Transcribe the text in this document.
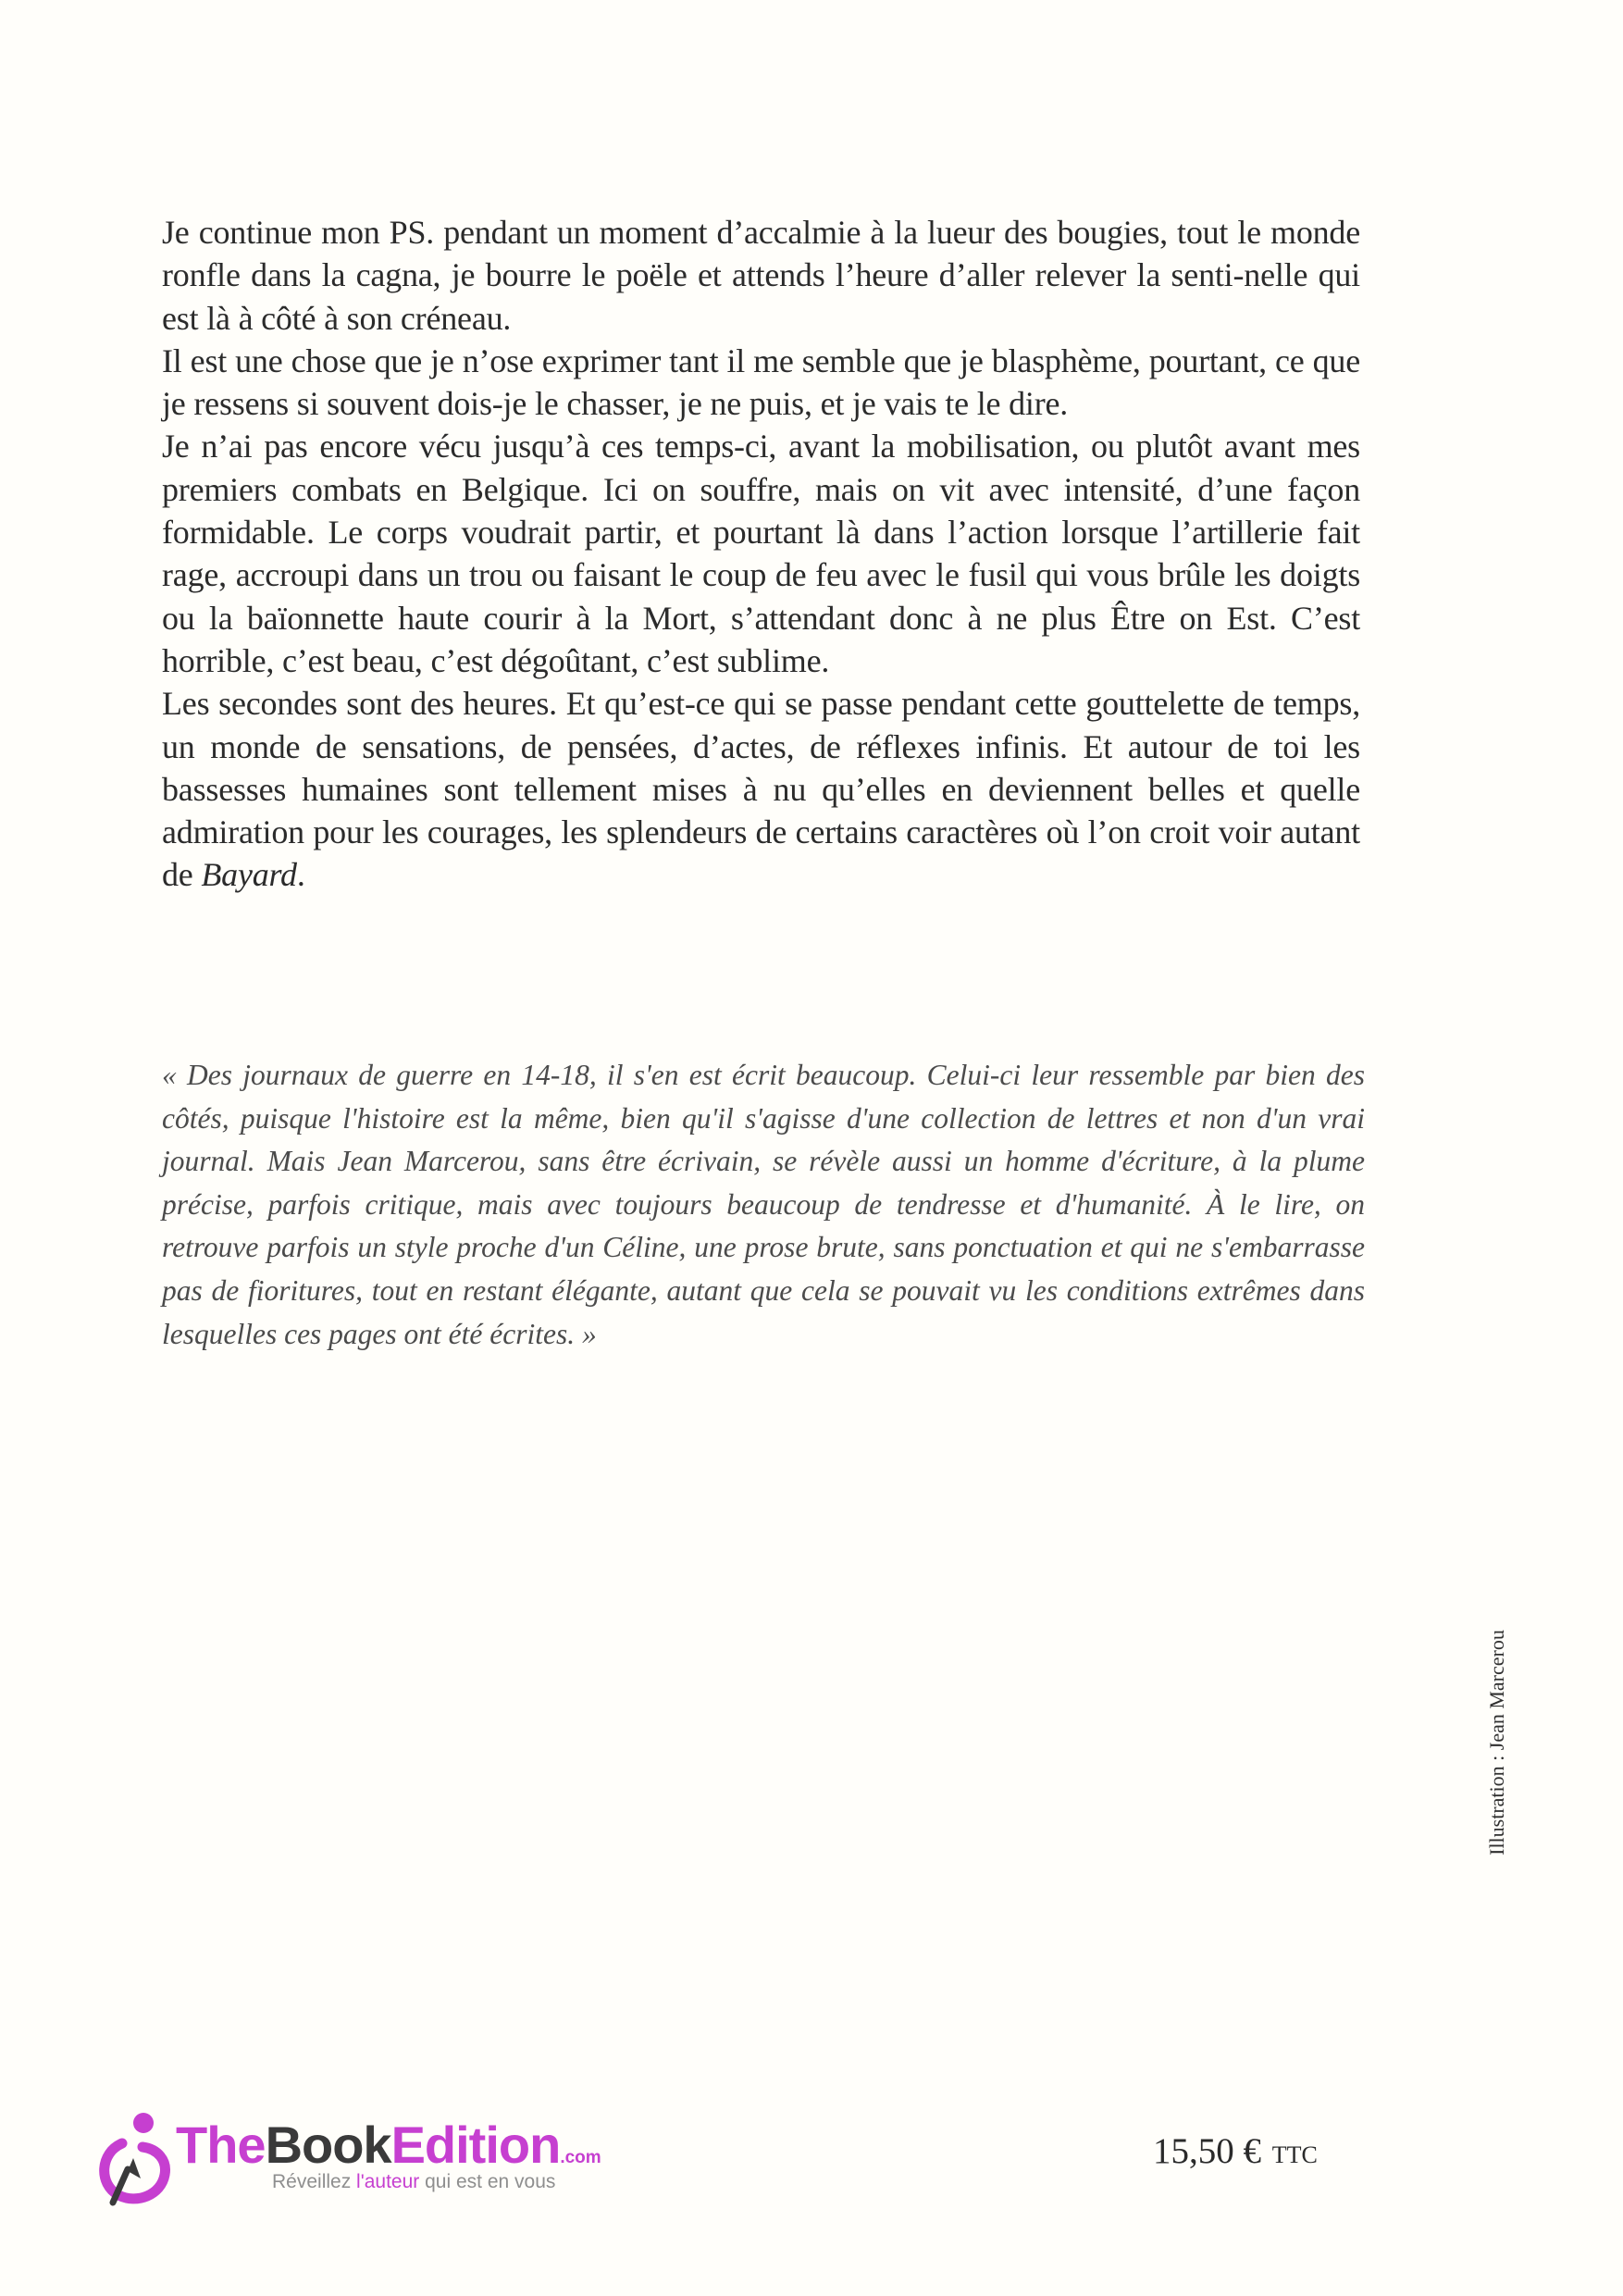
Je continue mon PS. pendant un moment d’accalmie à la lueur des bougies, tout le monde ronfle dans la cagna, je bourre le poële et attends l’heure d’aller relever la senti-nelle qui est là à côté à son créneau.

Il est une chose que je n’ose exprimer tant il me semble que je blasphème, pourtant, ce que je ressens si souvent dois-je le chasser, je ne puis, et je vais te le dire.

Je n’ai pas encore vécu jusqu’à ces temps-ci, avant la mobilisation, ou plutôt avant mes premiers combats en Belgique. Ici on souffre, mais on vit avec intensité, d’une façon formidable. Le corps voudrait partir, et pourtant là dans l’action lorsque l’artillerie fait rage, accroupi dans un trou ou faisant le coup de feu avec le fusil qui vous brûle les doigts ou la baïonnette haute courir à la Mort, s’attendant donc à ne plus Être on Est. C’est horrible, c’est beau, c’est dégoûtant, c’est sublime.

Les secondes sont des heures. Et qu’est-ce qui se passe pendant cette gouttelette de temps, un monde de sensations, de pensées, d’actes, de réflexes infinis. Et autour de toi les bassesses humaines sont tellement mises à nu qu’elles en deviennent belles et quelle admiration pour les courages, les splendeurs de certains caractères où l’on croit voir autant de Bayard.

« Des journaux de guerre en 14-18, il s'en est écrit beaucoup. Celui-ci leur ressemble par bien des côtés, puisque l'histoire est la même, bien qu'il s'agisse d'une collection de lettres et non d'un vrai journal. Mais Jean Marcerou, sans être écrivain, se révèle aussi un homme d'écriture, à la plume précise, parfois critique, mais avec toujours beaucoup de tendresse et d'humanité. À le lire, on retrouve parfois un style proche d'un Céline, une prose brute, sans ponctuation et qui ne s'embarrasse pas de fioritures, tout en restant élégante, autant que cela se pouvait vu les conditions extrêmes dans lesquelles ces pages ont été écrites. »

Illustration : Jean Marcerou
TheBookEdition.com
Réveillez l'auteur qui est en vous
15,50 € TTC
